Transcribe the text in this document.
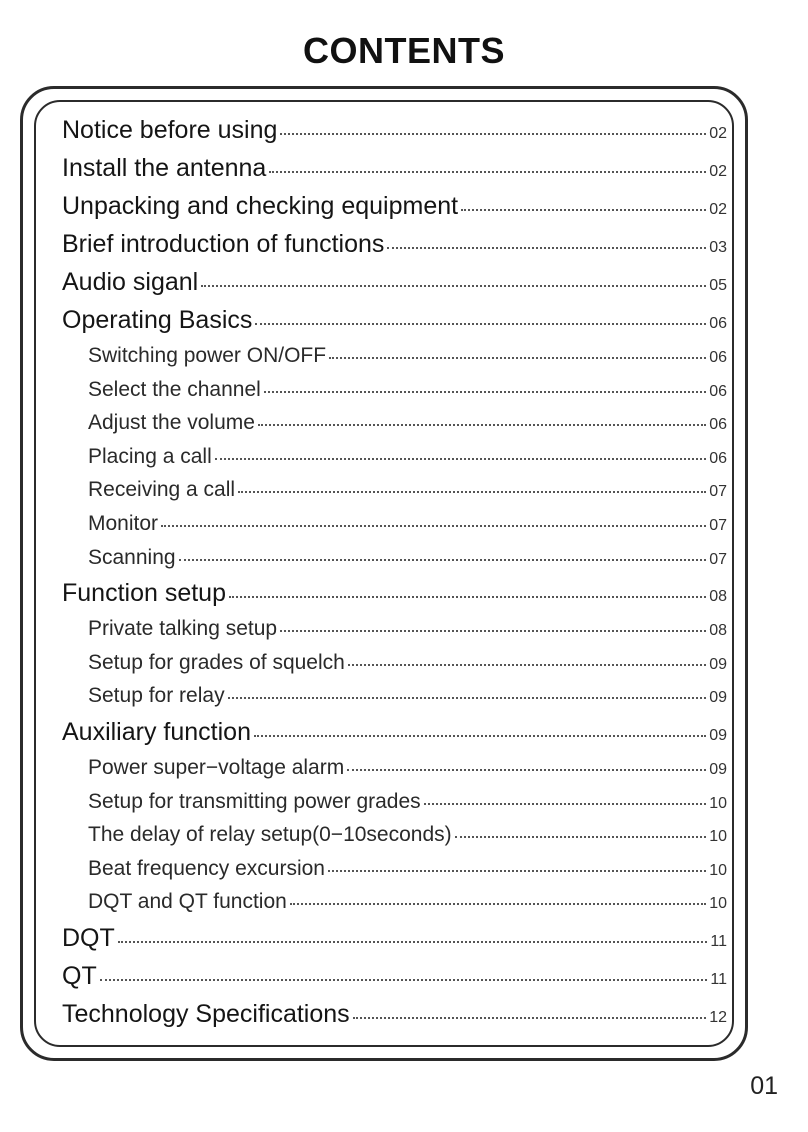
CONTENTS
Notice before using	02
Install the antenna	02
Unpacking and checking equipment	02
Brief introduction of functions	03
Audio siganl	05
Operating Basics	06
Switching power ON/OFF	06
Select the channel	06
Adjust the volume	06
Placing a call	06
Receiving a call	07
Monitor	07
Scanning	07
Function setup	08
Private talking setup	08
Setup for grades of squelch	09
Setup for relay	09
Auxiliary function	09
Power super−voltage alarm	09
Setup for transmitting power grades	10
The delay of relay setup(0−10seconds)	10
Beat frequency excursion	10
DQT and QT function	10
DQT	11
QT	11
Technology Specifications	12
01
